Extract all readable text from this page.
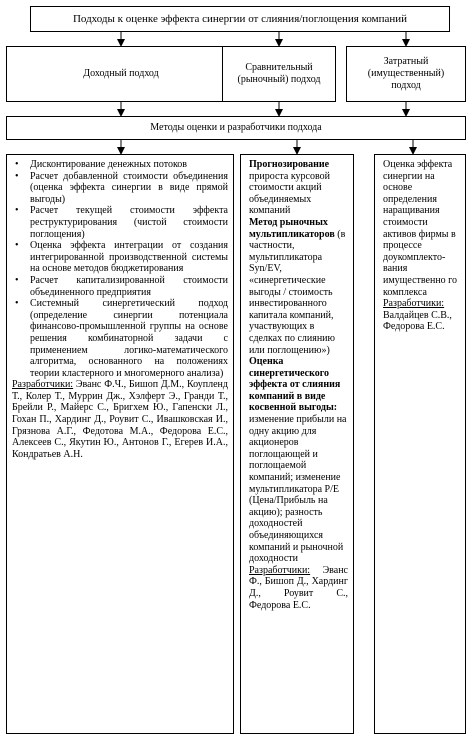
Подходы к оценке эффекта синергии от слияния/поглощения компаний
Доходный подход
Сравнительный (рыночный) подход
Затратный (имущественный) подход
Методы оценки и разработчики подхода
• Дисконтирование денежных потоков
• Расчет добавленной стоимости объединения (оценка эффекта синергии в виде прямой выгоды)
• Расчет текущей стоимости эффекта реструктурирования (чистой стоимости поглощения)
• Оценка эффекта интеграции от создания интегрированной производственной системы на основе методов бюджетирования
• Расчет капитализированной стоимости объединенного предприятия
• Системный синергетический подход (определение синергии потенциала финансово-промышленной группы на основе решения комбинаторной задачи с применением логико-математического алгоритма, основанного на положениях теории кластерного и многомерного анализа)
Разработчики: Эванс Ф.Ч., Бишоп Д.М., Коупленд Т., Колер Т., Муррин Дж., Хэлферт Э., Гранди Т., Брейли Р., Майерс С., Бригхем Ю., Гапенски Л., Гохан П., Хардинг Д., Роувит С., Ивашковская И., Грязнова А.Г., Федотова М.А., Федорова Е.С., Алексеев С., Якутин Ю., Антонов Г., Егерев И.А., Кондратьев А.Н.
Прогнозирование прироста курсовой стоимости акций объединяемых компаний
Метод рыночных мультипликаторов (в частности, мультипликатора Syn/EV, «синергетические выгоды / стоимость инвестированного капитала компаний, участвующих в сделках по слиянию или поглощению»)
Оценка синергетического эффекта от слияния компаний в виде косвенной выгоды: изменение прибыли на одну акцию для акционеров поглощающей и поглощаемой компаний; изменение мультипликатора P/E (Цена/Прибыль на акцию); разность доходностей объединяющихся компаний и рыночной доходности
Разработчики: Эванс Ф., Бишоп Д., Хардинг Д., Роувит С., Федорова Е.С.
Оценка эффекта синергии на основе определения наращивания стоимости активов фирмы в процессе доукомплекто-вания имущественно го комплекса
Разработчики: Валдайцев С.В., Федорова Е.С.
